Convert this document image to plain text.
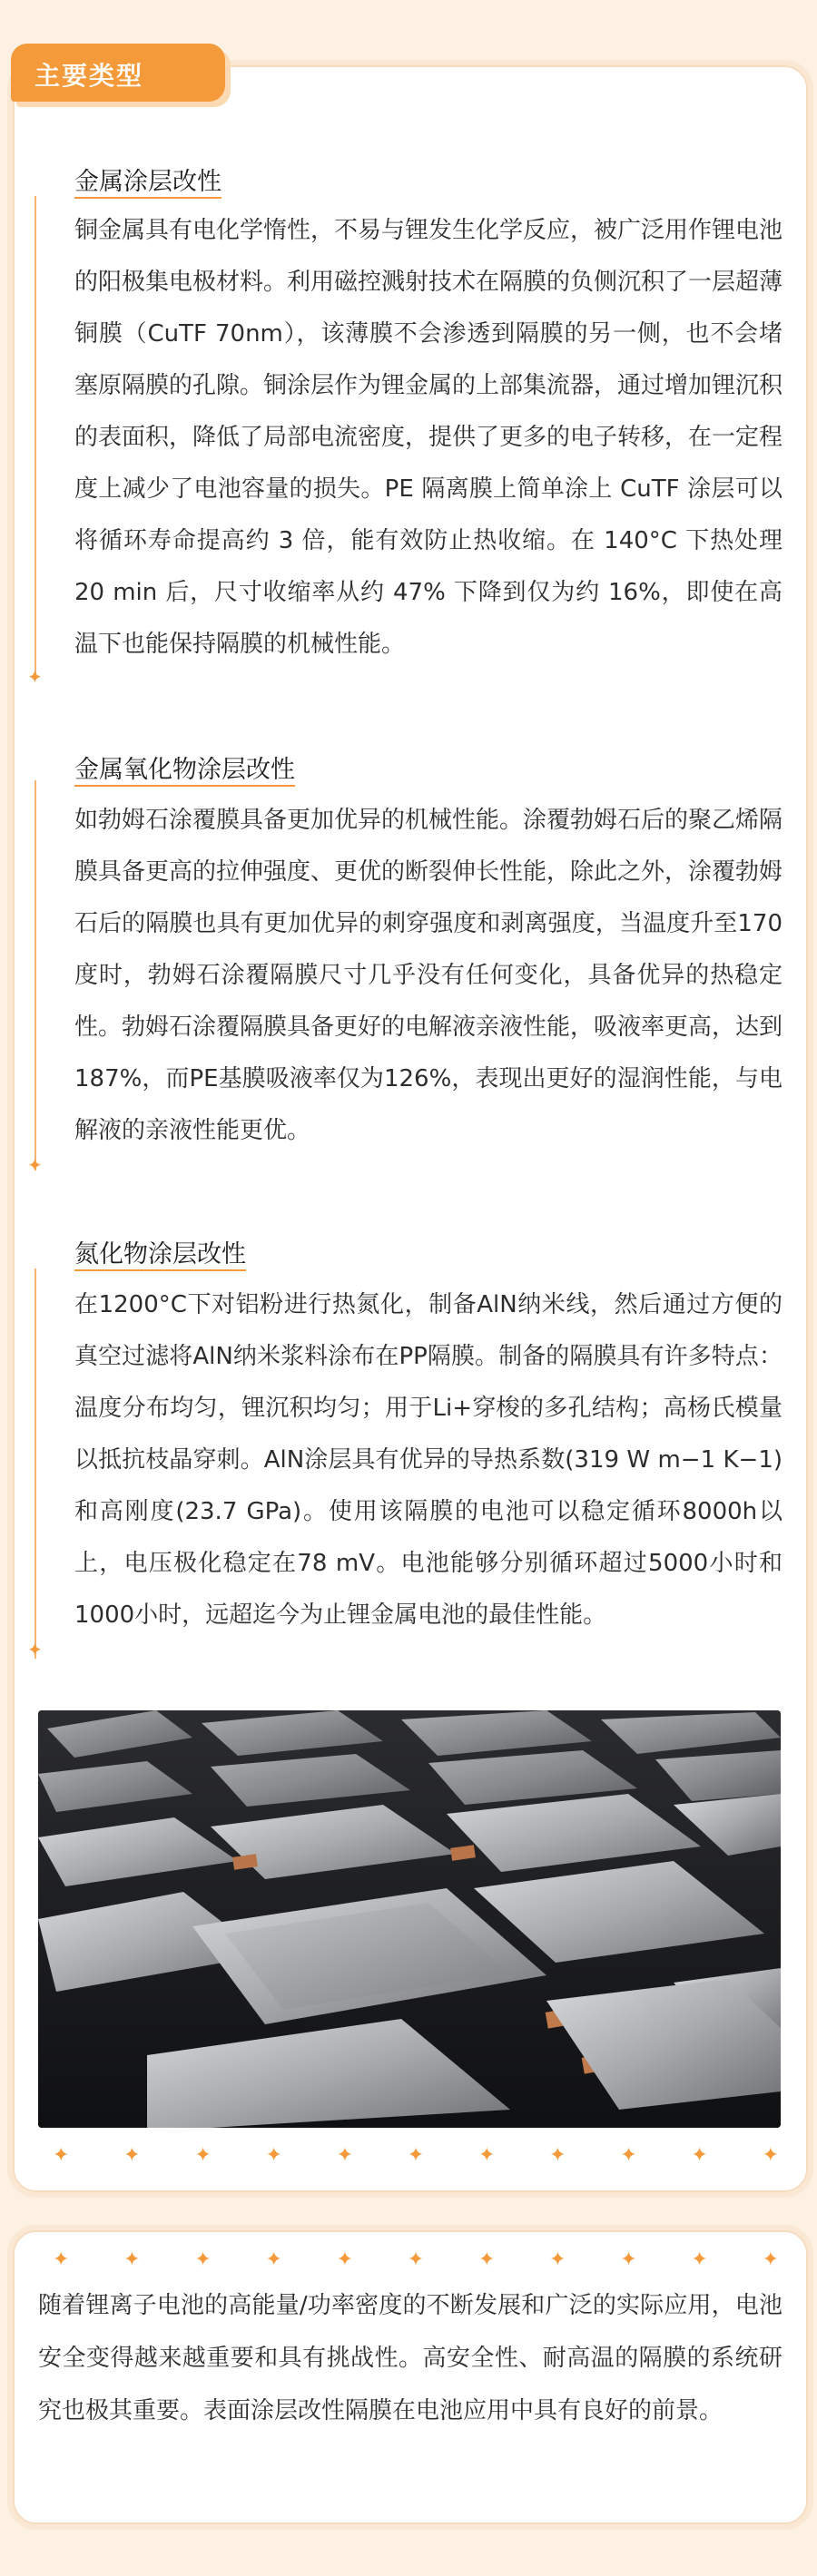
主要类型
1	金属涂层改性
铜金属具有电化学惰性，不易与锂发生化学反应，被广泛用作锂电池的阳极集电极材料。利用磁控溅射技术在隔膜的负侧沉积了一层超薄铜膜（CuTF 70nm），该薄膜不会渗透到隔膜的另一侧，也不会堵塞原隔膜的孔隙。铜涂层作为锂金属的上部集流器，通过增加锂沉积的表面积，降低了局部电流密度，提供了更多的电子转移，在一定程度上减少了电池容量的损失。PE 隔离膜上简单涂上 CuTF 涂层可以将循环寿命提高约 3 倍，能有效防止热收缩。在 140°C 下热处理 20 min 后，尺寸收缩率从约 47% 下降到仅为约 16%，即使在高温下也能保持隔膜的机械性能。
✦
2	金属氧化物涂层改性
如勃姆石涂覆膜具备更加优异的机械性能。涂覆勃姆石后的聚乙烯隔膜具备更高的拉伸强度、更优的断裂伸长性能，除此之外，涂覆勃姆石后的隔膜也具有更加优异的刺穿强度和剥离强度，当温度升至170度时，勃姆石涂覆隔膜尺寸几乎没有任何变化，具备优异的热稳定性。勃姆石涂覆隔膜具备更好的电解液亲液性能，吸液率更高，达到187%，而PE基膜吸液率仅为126%，表现出更好的湿润性能，与电解液的亲液性能更优。
✦
3	氮化物涂层改性
在1200°C下对铝粉进行热氮化，制备AlN纳米线，然后通过方便的真空过滤将AlN纳米浆料涂布在PP隔膜。制备的隔膜具有许多特点：温度分布均匀，锂沉积均匀；用于Li+穿梭的多孔结构；高杨氏模量以抵抗枝晶穿刺。AlN涂层具有优异的导热系数(319 W m−1 K−1)和高刚度(23.7 GPa)。使用该隔膜的电池可以稳定循环8000h以上，电压极化稳定在78 mV。电池能够分别循环超过5000小时和1000小时，远超迄今为止锂金属电池的最佳性能。
✦
✦	✦	✦	✦	✦	✦	✦	✦	✦	✦	✦
✦	✦	✦	✦	✦	✦	✦	✦	✦	✦	✦
随着锂离子电池的高能量/功率密度的不断发展和广泛的实际应用，电池安全变得越来越重要和具有挑战性。高安全性、耐高温的隔膜的系统研究也极其重要。表面涂层改性隔膜在电池应用中具有良好的前景。
